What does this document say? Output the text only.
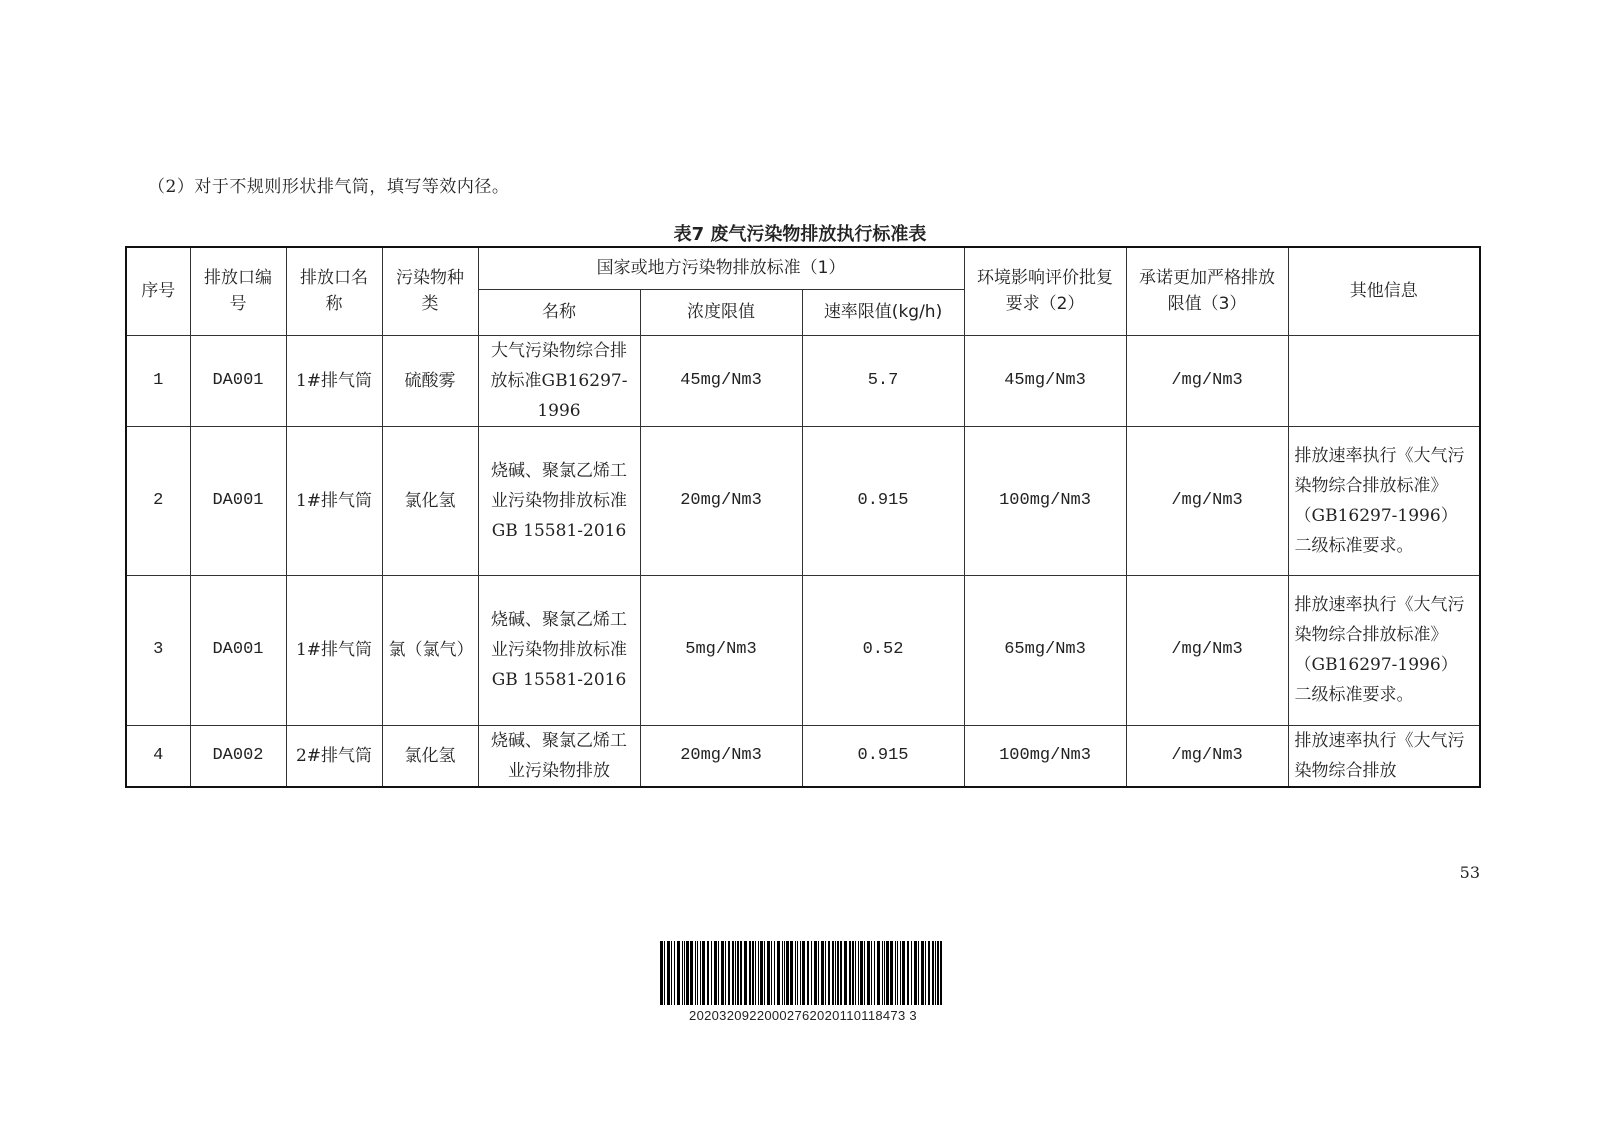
（2）对于不规则形状排气筒，填写等效内径。
表7 废气污染物排放执行标准表
序号	排放口编号	排放口名称	污染物种类	国家或地方污染物排放标准（1）			环境影响评价批复要求（2）	承诺更加严格排放限值（3）	其他信息
				名称	浓度限值	速率限值(kg/h)			
1	DA001	1#排气筒	硫酸雾	大气污染物综合排放标准GB16297-1996	45mg/Nm3	5.7	45mg/Nm3	/mg/Nm3	
2	DA001	1#排气筒	氯化氢	烧碱、聚氯乙烯工业污染物排放标准GB 15581-2016	20mg/Nm3	0.915	100mg/Nm3	/mg/Nm3	排放速率执行《大气污染物综合排放标准》（GB16297-1996）二级标准要求。
3	DA001	1#排气筒	氯（氯气）	烧碱、聚氯乙烯工业污染物排放标准GB 15581-2016	5mg/Nm3	0.52	65mg/Nm3	/mg/Nm3	排放速率执行《大气污染物综合排放标准》（GB16297-1996）二级标准要求。
4	DA002	2#排气筒	氯化氢	烧碱、聚氯乙烯工业污染物排放	20mg/Nm3	0.915	100mg/Nm3	/mg/Nm3	排放速率执行《大气污染物综合排放
53
20203209220002762020110118473 3
